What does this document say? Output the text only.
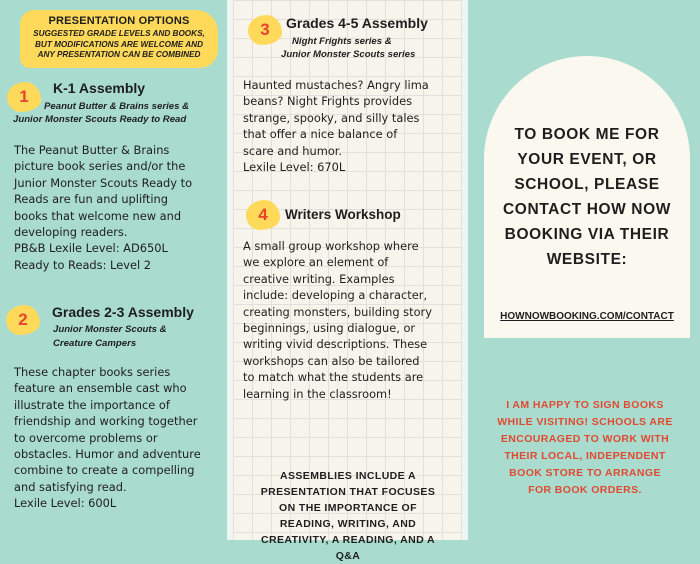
PRESENTATION OPTIONS
SUGGESTED GRADE LEVELS AND BOOKS,
BUT MODIFICATIONS ARE WELCOME AND
ANY PRESENTATION CAN BE COMBINED
1	K-1 Assembly
Peanut Butter & Brains series &
Junior Monster Scouts Ready to Read
The Peanut Butter & Brains
picture book series and/or the
Junior Monster Scouts Ready to
Reads are fun and uplifting
books that welcome new and
developing readers.
PB&B Lexile Level: AD650L
Ready to Reads: Level 2
2	Grades 2-3 Assembly
Junior Monster Scouts &
Creature Campers
These chapter books series
feature an ensemble cast who
illustrate the importance of
friendship and working together
to overcome problems or
obstacles. Humor and adventure
combine to create a compelling
and satisfying read.
Lexile Level: 600L
3	Grades 4-5 Assembly
Night Frights series &
Junior Monster Scouts series
Haunted mustaches? Angry lima
beans? Night Frights provides
strange, spooky, and silly tales
that offer a nice balance of
scare and humor.
Lexile Level: 670L
4	Writers Workshop
A small group workshop where
we explore an element of
creative writing. Examples
include: developing a character,
creating monsters, building story
beginnings, using dialogue, or
writing vivid descriptions. These
workshops can also be tailored
to match what the students are
learning in the classroom!
ASSEMBLIES INCLUDE A
PRESENTATION THAT FOCUSES
ON THE IMPORTANCE OF
READING, WRITING, AND
CREATIVITY, A READING, AND A
Q&A
TO BOOK ME FOR
YOUR EVENT, OR
SCHOOL, PLEASE
CONTACT HOW NOW
BOOKING VIA THEIR
WEBSITE:
HOWNOWBOOKING.COM/CONTACT
I AM HAPPY TO SIGN BOOKS
WHILE VISITING! SCHOOLS ARE
ENCOURAGED TO WORK WITH
THEIR LOCAL, INDEPENDENT
BOOK STORE TO ARRANGE
FOR BOOK ORDERS.
